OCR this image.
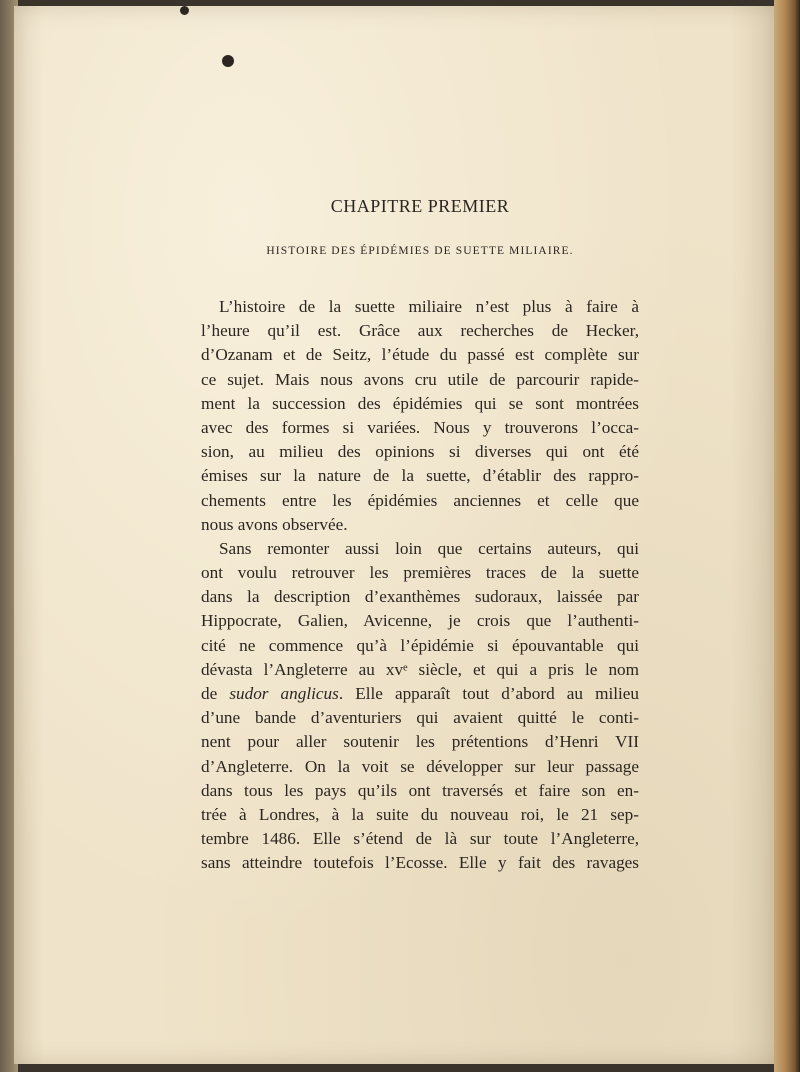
CHAPITRE PREMIER
HISTOIRE DES ÉPIDÉMIES DE SUETTE MILIAIRE.
L’histoire de la suette miliaire n’est plus à faire à
l’heure qu’il est. Grâce aux recherches de Hecker,
d’Ozanam et de Seitz, l’étude du passé est complète sur
ce sujet. Mais nous avons cru utile de parcourir rapide-
ment la succession des épidémies qui se sont montrées
avec des formes si variées. Nous y trouverons l’occa-
sion, au milieu des opinions si diverses qui ont été
émises sur la nature de la suette, d’établir des rappro-
chements entre les épidémies anciennes et celle que
nous avons observée.
Sans remonter aussi loin que certains auteurs, qui
ont voulu retrouver les premières traces de la suette
dans la description d’exanthèmes sudoraux, laissée par
Hippocrate, Galien, Avicenne, je crois que l’authenti-
cité ne commence qu’à l’épidémie si épouvantable qui
dévasta l’Angleterre au xvᵉ siècle, et qui a pris le nom
de sudor anglicus. Elle apparaît tout d’abord au milieu
d’une bande d’aventuriers qui avaient quitté le conti-
nent pour aller soutenir les prétentions d’Henri VII
d’Angleterre. On la voit se développer sur leur passage
dans tous les pays qu’ils ont traversés et faire son en-
trée à Londres, à la suite du nouveau roi, le 21 sep-
tembre 1486. Elle s’étend de là sur toute l’Angleterre,
sans atteindre toutefois l’Ecosse. Elle y fait des ravages
